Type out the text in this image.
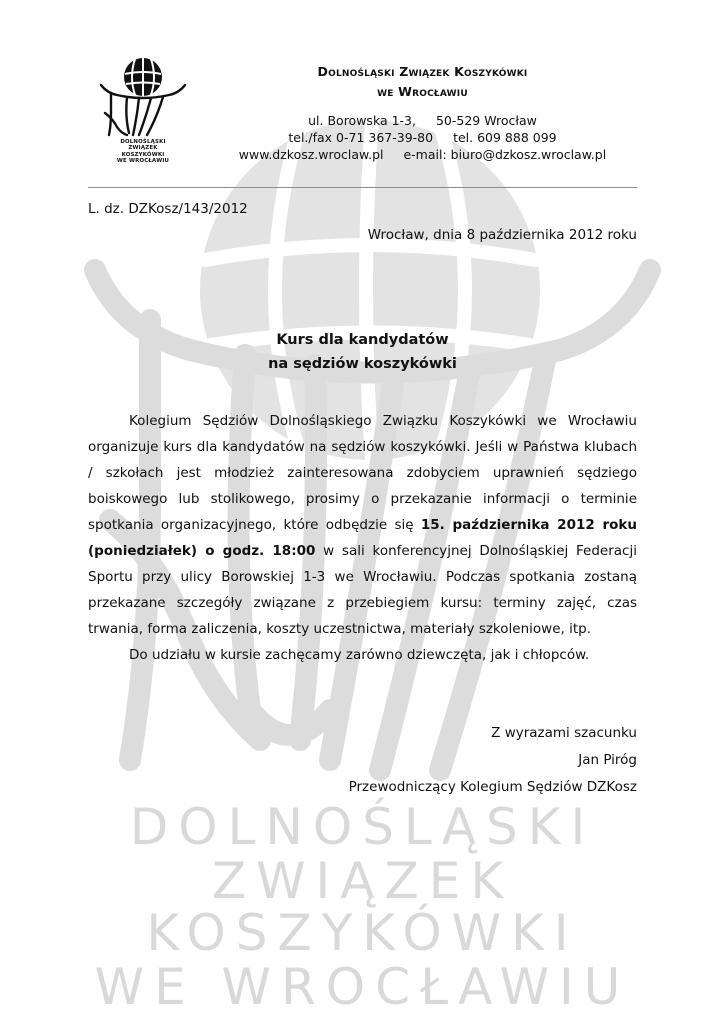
DOLNOŚLĄSKI
ZWIĄZEK
KOSZYKÓWKI
WE WROCŁAWIU
DOLNOŚLĄSKI
ZWIĄZEK
KOSZYKÓWKI
WE WROCŁAWIU
Dolnośląski Związek Koszykówki
we Wrocławiu
ul. Borowska 1-3, 50-529 Wrocław
tel./fax 0-71 367-39-80 tel. 609 888 099
www.dzkosz.wroclaw.pl e-mail: biuro@dzkosz.wroclaw.pl
L. dz. DZKosz/143/2012
Wrocław, dnia 8 października 2012 roku
Kurs dla kandydatów
na sędziów koszykówki

Kolegium Sędziów Dolnośląskiego Związku Koszykówki we Wrocławiu organizuje kurs dla kandydatów na sędziów koszykówki. Jeśli w Państwa klubach / szkołach jest młodzież zainteresowana zdobyciem uprawnień sędziego boiskowego lub stolikowego, prosimy o przekazanie informacji o terminie spotkania organizacyjnego, które odbędzie się 15. października 2012 roku (poniedziałek) o godz. 18:00 w sali konferencyjnej Dolnośląskiej Federacji Sportu przy ulicy Borowskiej 1-3 we Wrocławiu. Podczas spotkania zostaną przekazane szczegóły związane z przebiegiem kursu: terminy zajęć, czas trwania, forma zaliczenia, koszty uczestnictwa, materiały szkoleniowe, itp.

Do udziału w kursie zachęcamy zarówno dziewczęta, jak i chłopców.

Z wyrazami szacunku
Jan Piróg
Przewodniczący Kolegium Sędziów DZKosz
